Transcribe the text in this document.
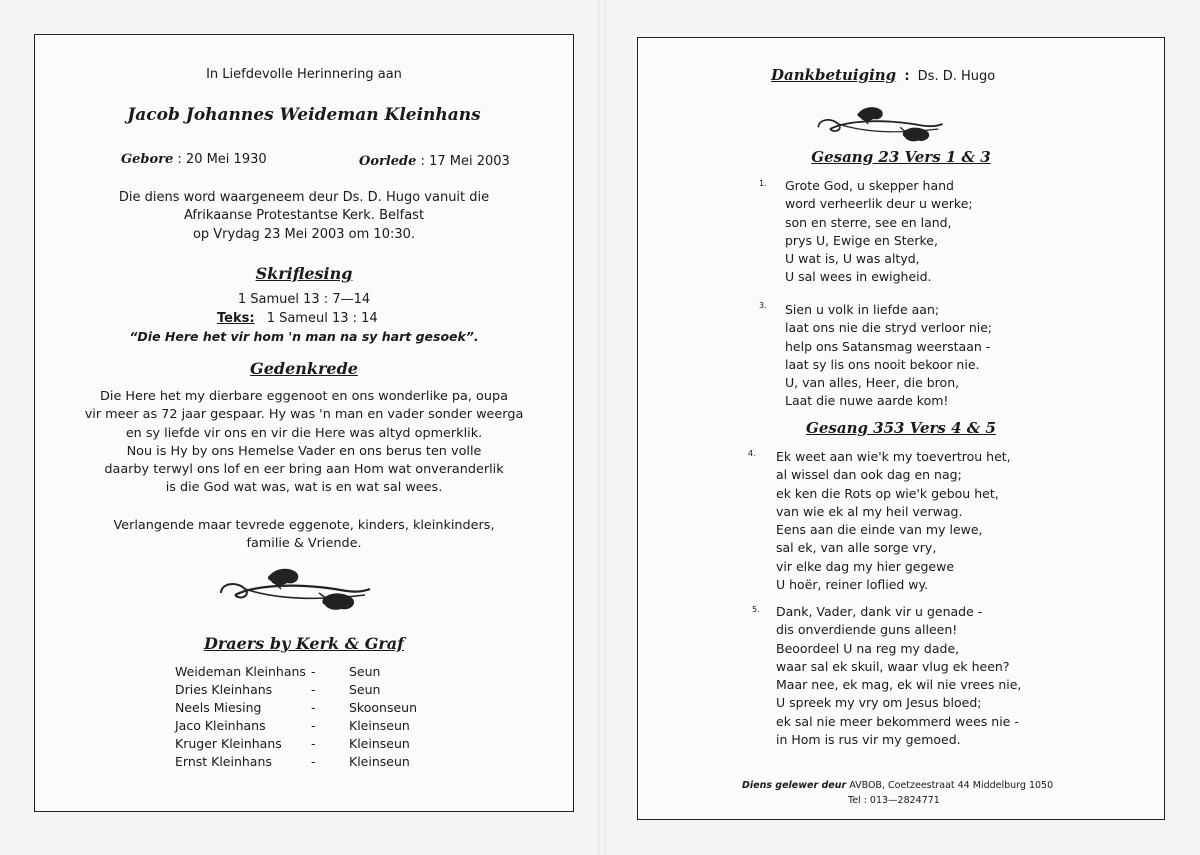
In Liefdevolle Herinnering aan
Jacob Johannes Weideman Kleinhans
Gebore : 20 Mei 1930	Oorlede : 17 Mei 2003
Die diens word waargeneem deur Ds. D. Hugo vanuit die
Afrikaanse Protestantse Kerk. Belfast
op Vrydag 23 Mei 2003 om 10:30.
Skriflesing
1 Samuel 13 : 7—14
Teks: 1 Sameul 13 : 14
“Die Here het vir hom 'n man na sy hart gesoek”.
Gedenkrede
Die Here het my dierbare eggenoot en ons wonderlike pa, oupa
vir meer as 72 jaar gespaar. Hy was 'n man en vader sonder weerga
en sy liefde vir ons en vir die Here was altyd opmerklik.
Nou is Hy by ons Hemelse Vader en ons berus ten volle
daarby terwyl ons lof en eer bring aan Hom wat onveranderlik
is die God wat was, wat is en wat sal wees.
Verlangende maar tevrede eggenote, kinders, kleinkinders,
familie & Vriende.
Draers by Kerk & Graf
Weideman Kleinhans -	Seun
Dries Kleinhans	-	Seun
Neels Miesing	-	Skoonseun
Jaco Kleinhans	-	Kleinseun
Kruger Kleinhans -	Kleinseun
Ernst Kleinhans	-	Kleinseun
Dankbetuiging : Ds. D. Hugo
Gesang 23 Vers 1 & 3
1. Grote God, u skepper hand
word verheerlik deur u werke;
son en sterre, see en land,
prys U, Ewige en Sterke,
U wat is, U was altyd,
U sal wees in ewigheid.
3. Sien u volk in liefde aan;
laat ons nie die stryd verloor nie;
help ons Satansmag weerstaan -
laat sy lis ons nooit bekoor nie.
U, van alles, Heer, die bron,
Laat die nuwe aarde kom!
Gesang 353 Vers 4 & 5
4. Ek weet aan wie'k my toevertrou het,
al wissel dan ook dag en nag;
ek ken die Rots op wie'k gebou het,
van wie ek al my heil verwag.
Eens aan die einde van my lewe,
sal ek, van alle sorge vry,
vir elke dag my hier gegewe
U hoër, reiner loflied wy.
5. Dank, Vader, dank vir u genade -
dis onverdiende guns alleen!
Beoordeel U na reg my dade,
waar sal ek skuil, waar vlug ek heen?
Maar nee, ek mag, ek wil nie vrees nie,
U spreek my vry om Jesus bloed;
ek sal nie meer bekommerd wees nie -
in Hom is rus vir my gemoed.
Diens gelewer deur AVBOB, Coetzeestraat 44 Middelburg 1050
Tel : 013—2824771
